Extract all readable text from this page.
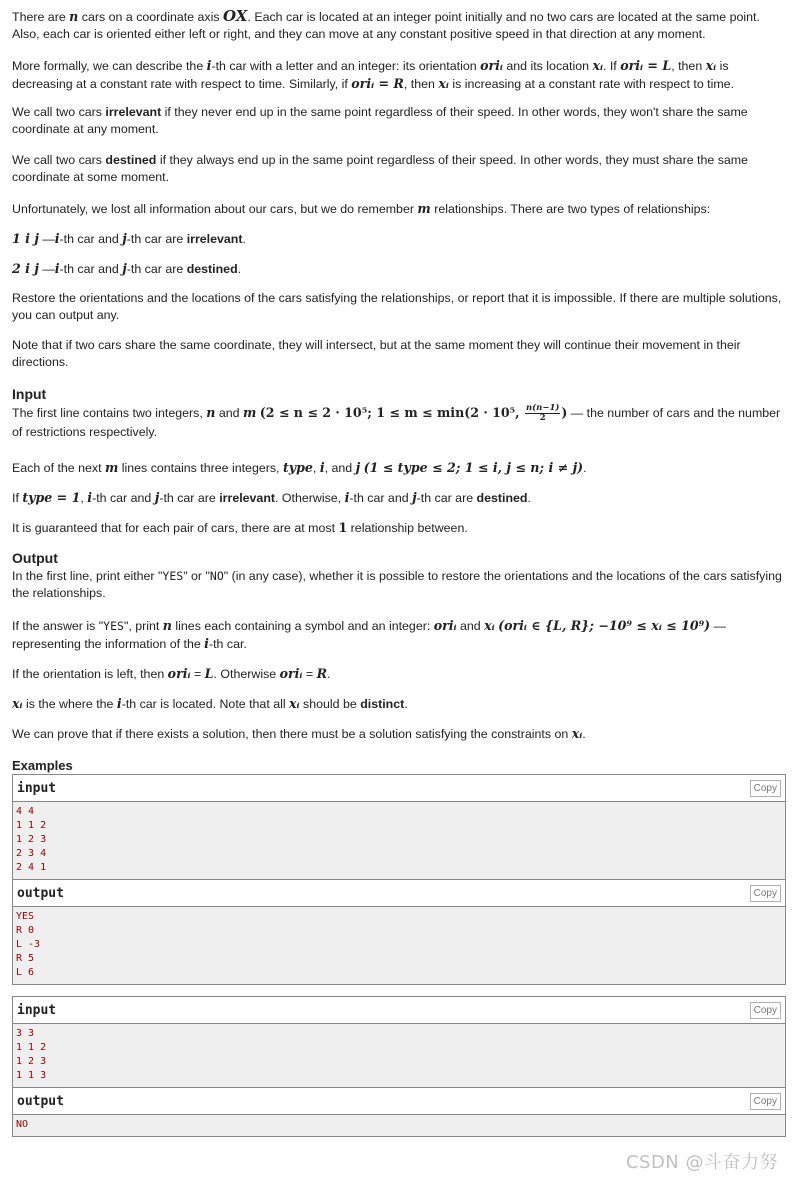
There are n cars on a coordinate axis OX. Each car is located at an integer point initially and no two cars are located at the same point. Also, each car is oriented either left or right, and they can move at any constant positive speed in that direction at any moment.

More formally, we can describe the i-th car with a letter and an integer: its orientation oriᵢ and its location xᵢ. If oriᵢ = L, then xᵢ is decreasing at a constant rate with respect to time. Similarly, if oriᵢ = R, then xᵢ is increasing at a constant rate with respect to time.

We call two cars irrelevant if they never end up in the same point regardless of their speed. In other words, they won't share the same coordinate at any moment.

We call two cars destined if they always end up in the same point regardless of their speed. In other words, they must share the same coordinate at some moment.

Unfortunately, we lost all information about our cars, but we do remember m relationships. There are two types of relationships:

1 i j —i-th car and j-th car are irrelevant.

2 i j —i-th car and j-th car are destined.

Restore the orientations and the locations of the cars satisfying the relationships, or report that it is impossible. If there are multiple solutions, you can output any.

Note that if two cars share the same coordinate, they will intersect, but at the same moment they will continue their movement in their directions.

Input

The first line contains two integers, n and m (2 ≤ n ≤ 2 · 10⁵; 1 ≤ m ≤ min(2 · 10⁵, $\frac{n(n-1)}{2}$ ) — the number of cars and the number of restrictions respectively.

Each of the next m lines contains three integers, type, i, and j (1 ≤ type ≤ 2; 1 ≤ i, j ≤ n; i ≠ j).

If type = 1, i-th car and j-th car are irrelevant. Otherwise, i-th car and j-th car are destined.

It is guaranteed that for each pair of cars, there are at most 1 relationship between.

Output

In the first line, print either "YES" or "NO" (in any case), whether it is possible to restore the orientations and the locations of the cars satisfying the relationships.

If the answer is "YES", print n lines each containing a symbol and an integer: oriᵢ and xᵢ (oriᵢ ∈ {L, R}; −10⁹ ≤ xᵢ ≤ 10⁹) — representing the information of the i-th car.

If the orientation is left, then oriᵢ = L. Otherwise oriᵢ = R.

xᵢ is the where the i-th car is located. Note that all xᵢ should be distinct.

We can prove that if there exists a solution, then there must be a solution satisfying the constraints on xᵢ.

Examples
input	Copy
4 4
1 1 2
1 2 3
2 3 4
2 4 1
output	Copy
YES
R 0
L -3
R 5
L 6
input	Copy
3 3
1 1 2
1 2 3
1 1 3
output	Copy
NO
CSDN @斗奋力努
